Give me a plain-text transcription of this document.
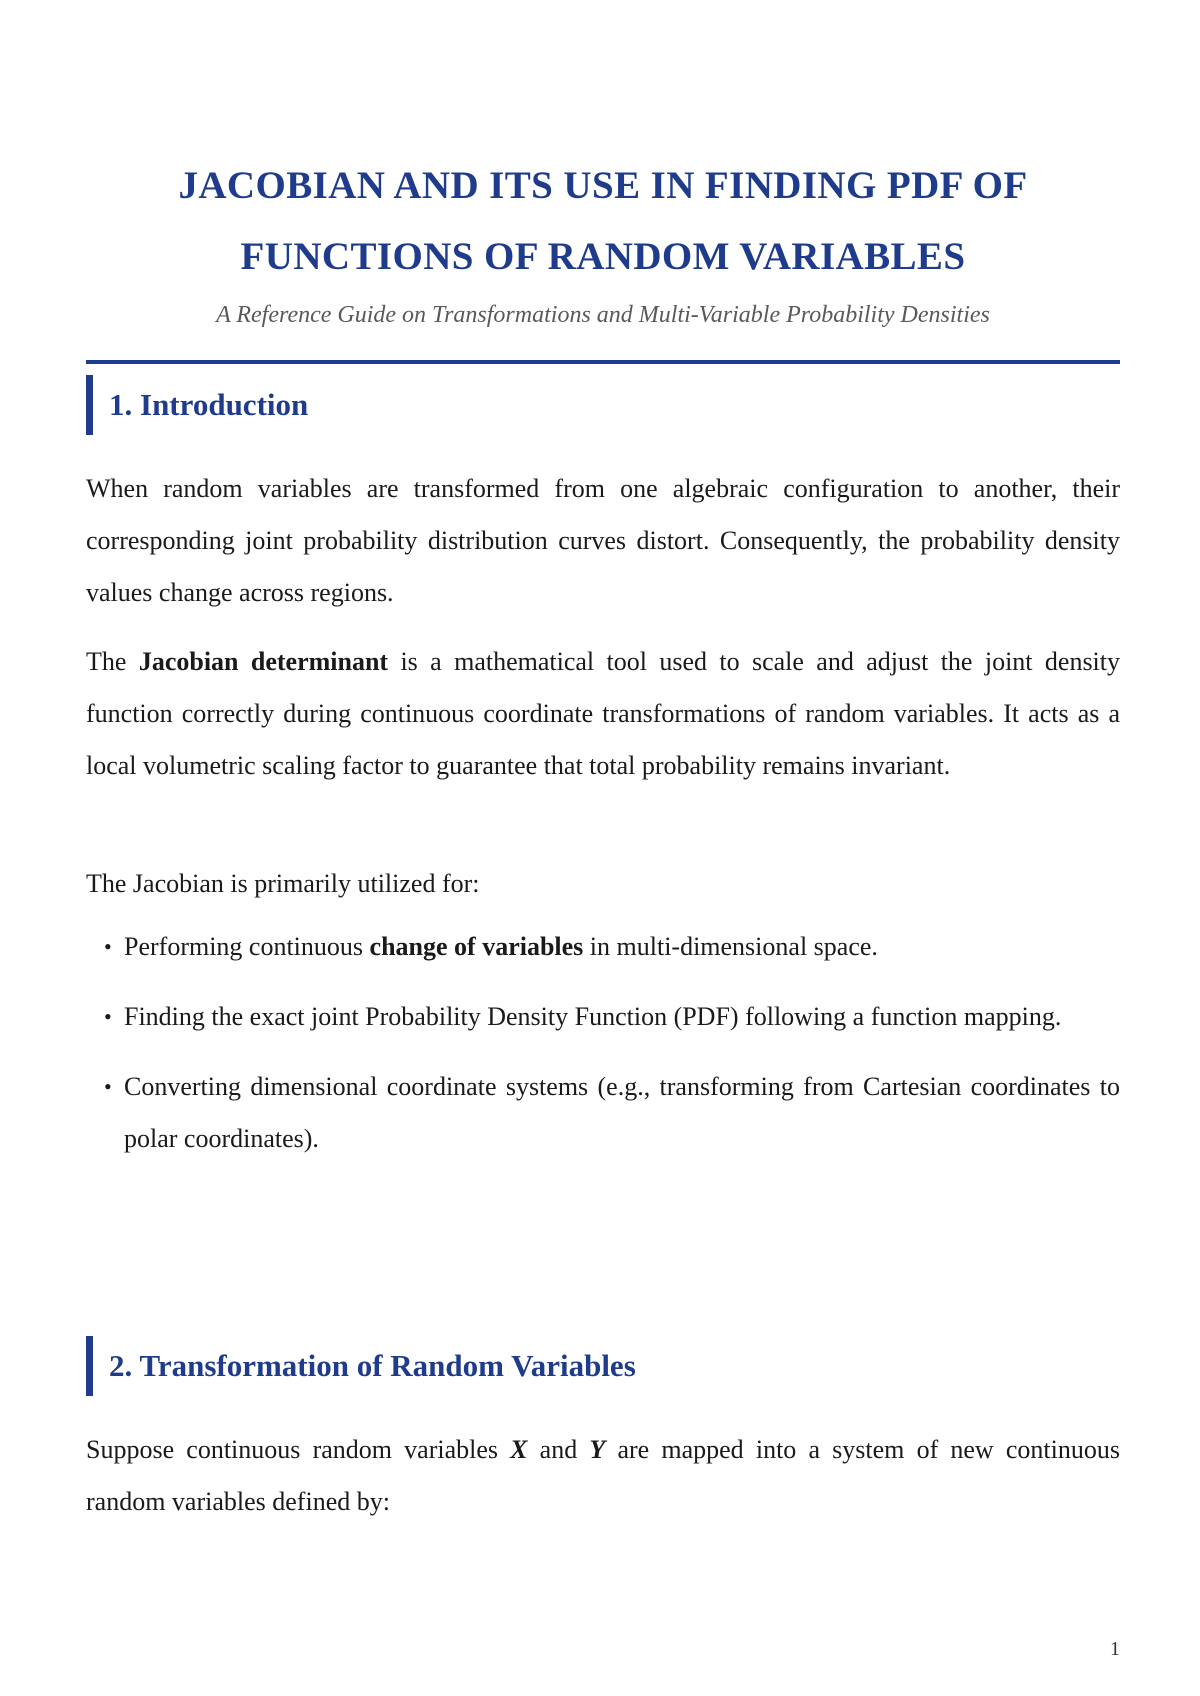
JACOBIAN AND ITS USE IN FINDING PDF OF
FUNCTIONS OF RANDOM VARIABLES
A Reference Guide on Transformations and Multi-Variable Probability Densities
1. Introduction

When random variables are transformed from one algebraic configuration to another, their corresponding joint probability distribution curves distort. Consequently, the probability density values change across regions.

The Jacobian determinant is a mathematical tool used to scale and adjust the joint density function correctly during continuous coordinate transformations of random variables. It acts as a local volumetric scaling factor to guarantee that total probability remains invariant.

The Jacobian is primarily utilized for:

• Performing continuous change of variables in multi-dimensional space.
• Finding the exact joint Probability Density Function (PDF) following a function mapping.
• Converting dimensional coordinate systems (e.g., transforming from Cartesian coordinates to polar coordinates).
2. Transformation of Random Variables

Suppose continuous random variables X and Y are mapped into a system of new continuous random variables defined by:

1
